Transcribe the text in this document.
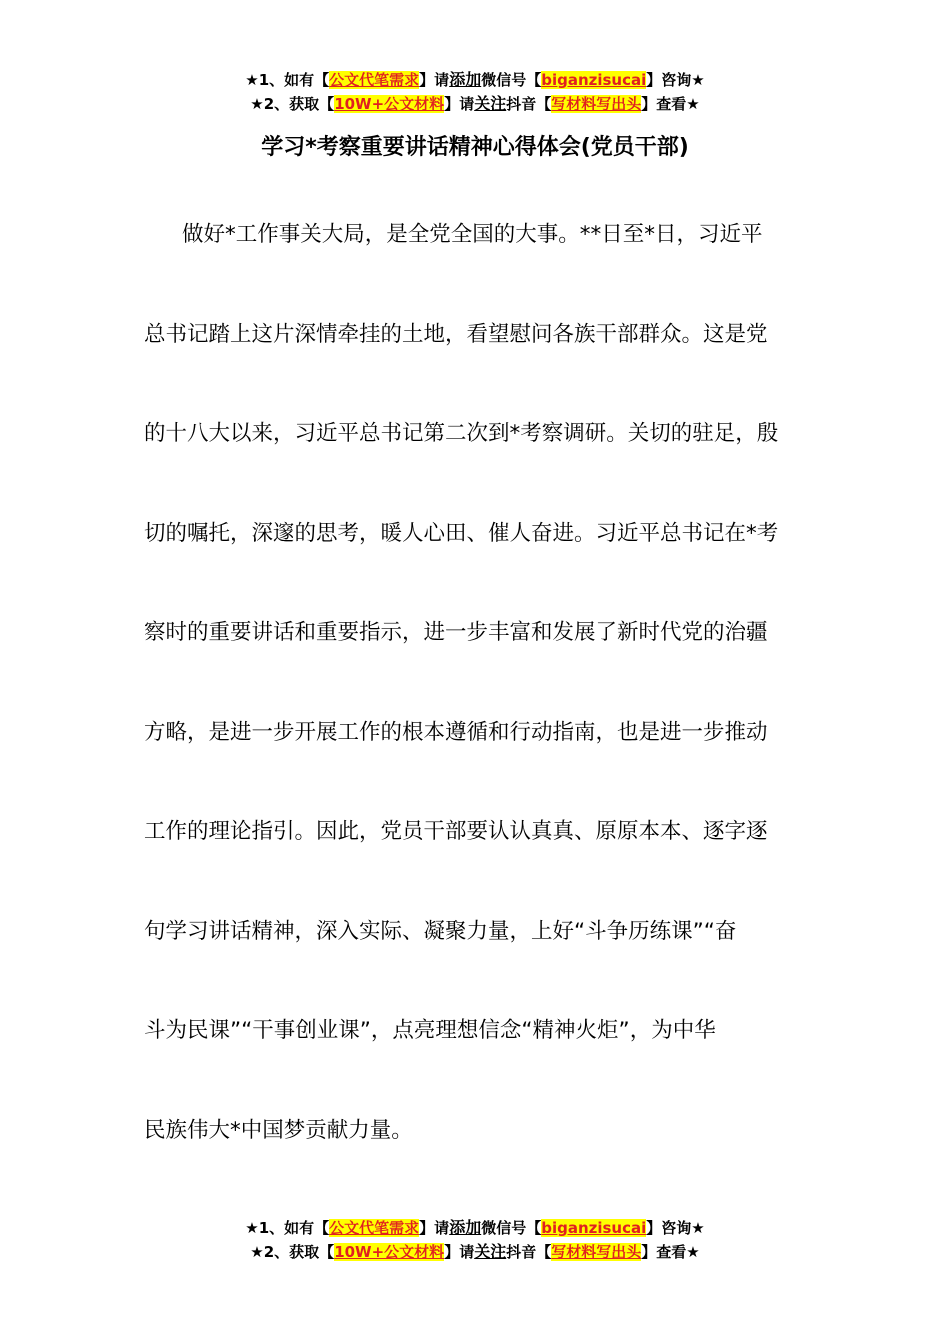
★1、如有【公文代笔需求】请添加微信号【biganzisucai】咨询★
★2、获取【10W+公文材料】请关注抖音【写材料写出头】查看★
学习*考察重要讲话精神心得体会(党员干部)
做好*工作事关大局，是全党全国的大事。**日至*日，习近平
总书记踏上这片深情牵挂的土地，看望慰问各族干部群众。这是党
的十八大以来，习近平总书记第二次到*考察调研。关切的驻足，殷
切的嘱托，深邃的思考，暖人心田、催人奋进。习近平总书记在*考
察时的重要讲话和重要指示，进一步丰富和发展了新时代党的治疆
方略，是进一步开展工作的根本遵循和行动指南，也是进一步推动
工作的理论指引。因此，党员干部要认认真真、原原本本、逐字逐
句学习讲话精神，深入实际、凝聚力量，上好“斗争历练课”“奋
斗为民课”“干事创业课”，点亮理想信念“精神火炬”，为中华
民族伟大*中国梦贡献力量。
★1、如有【公文代笔需求】请添加微信号【biganzisucai】咨询★
★2、获取【10W+公文材料】请关注抖音【写材料写出头】查看★
